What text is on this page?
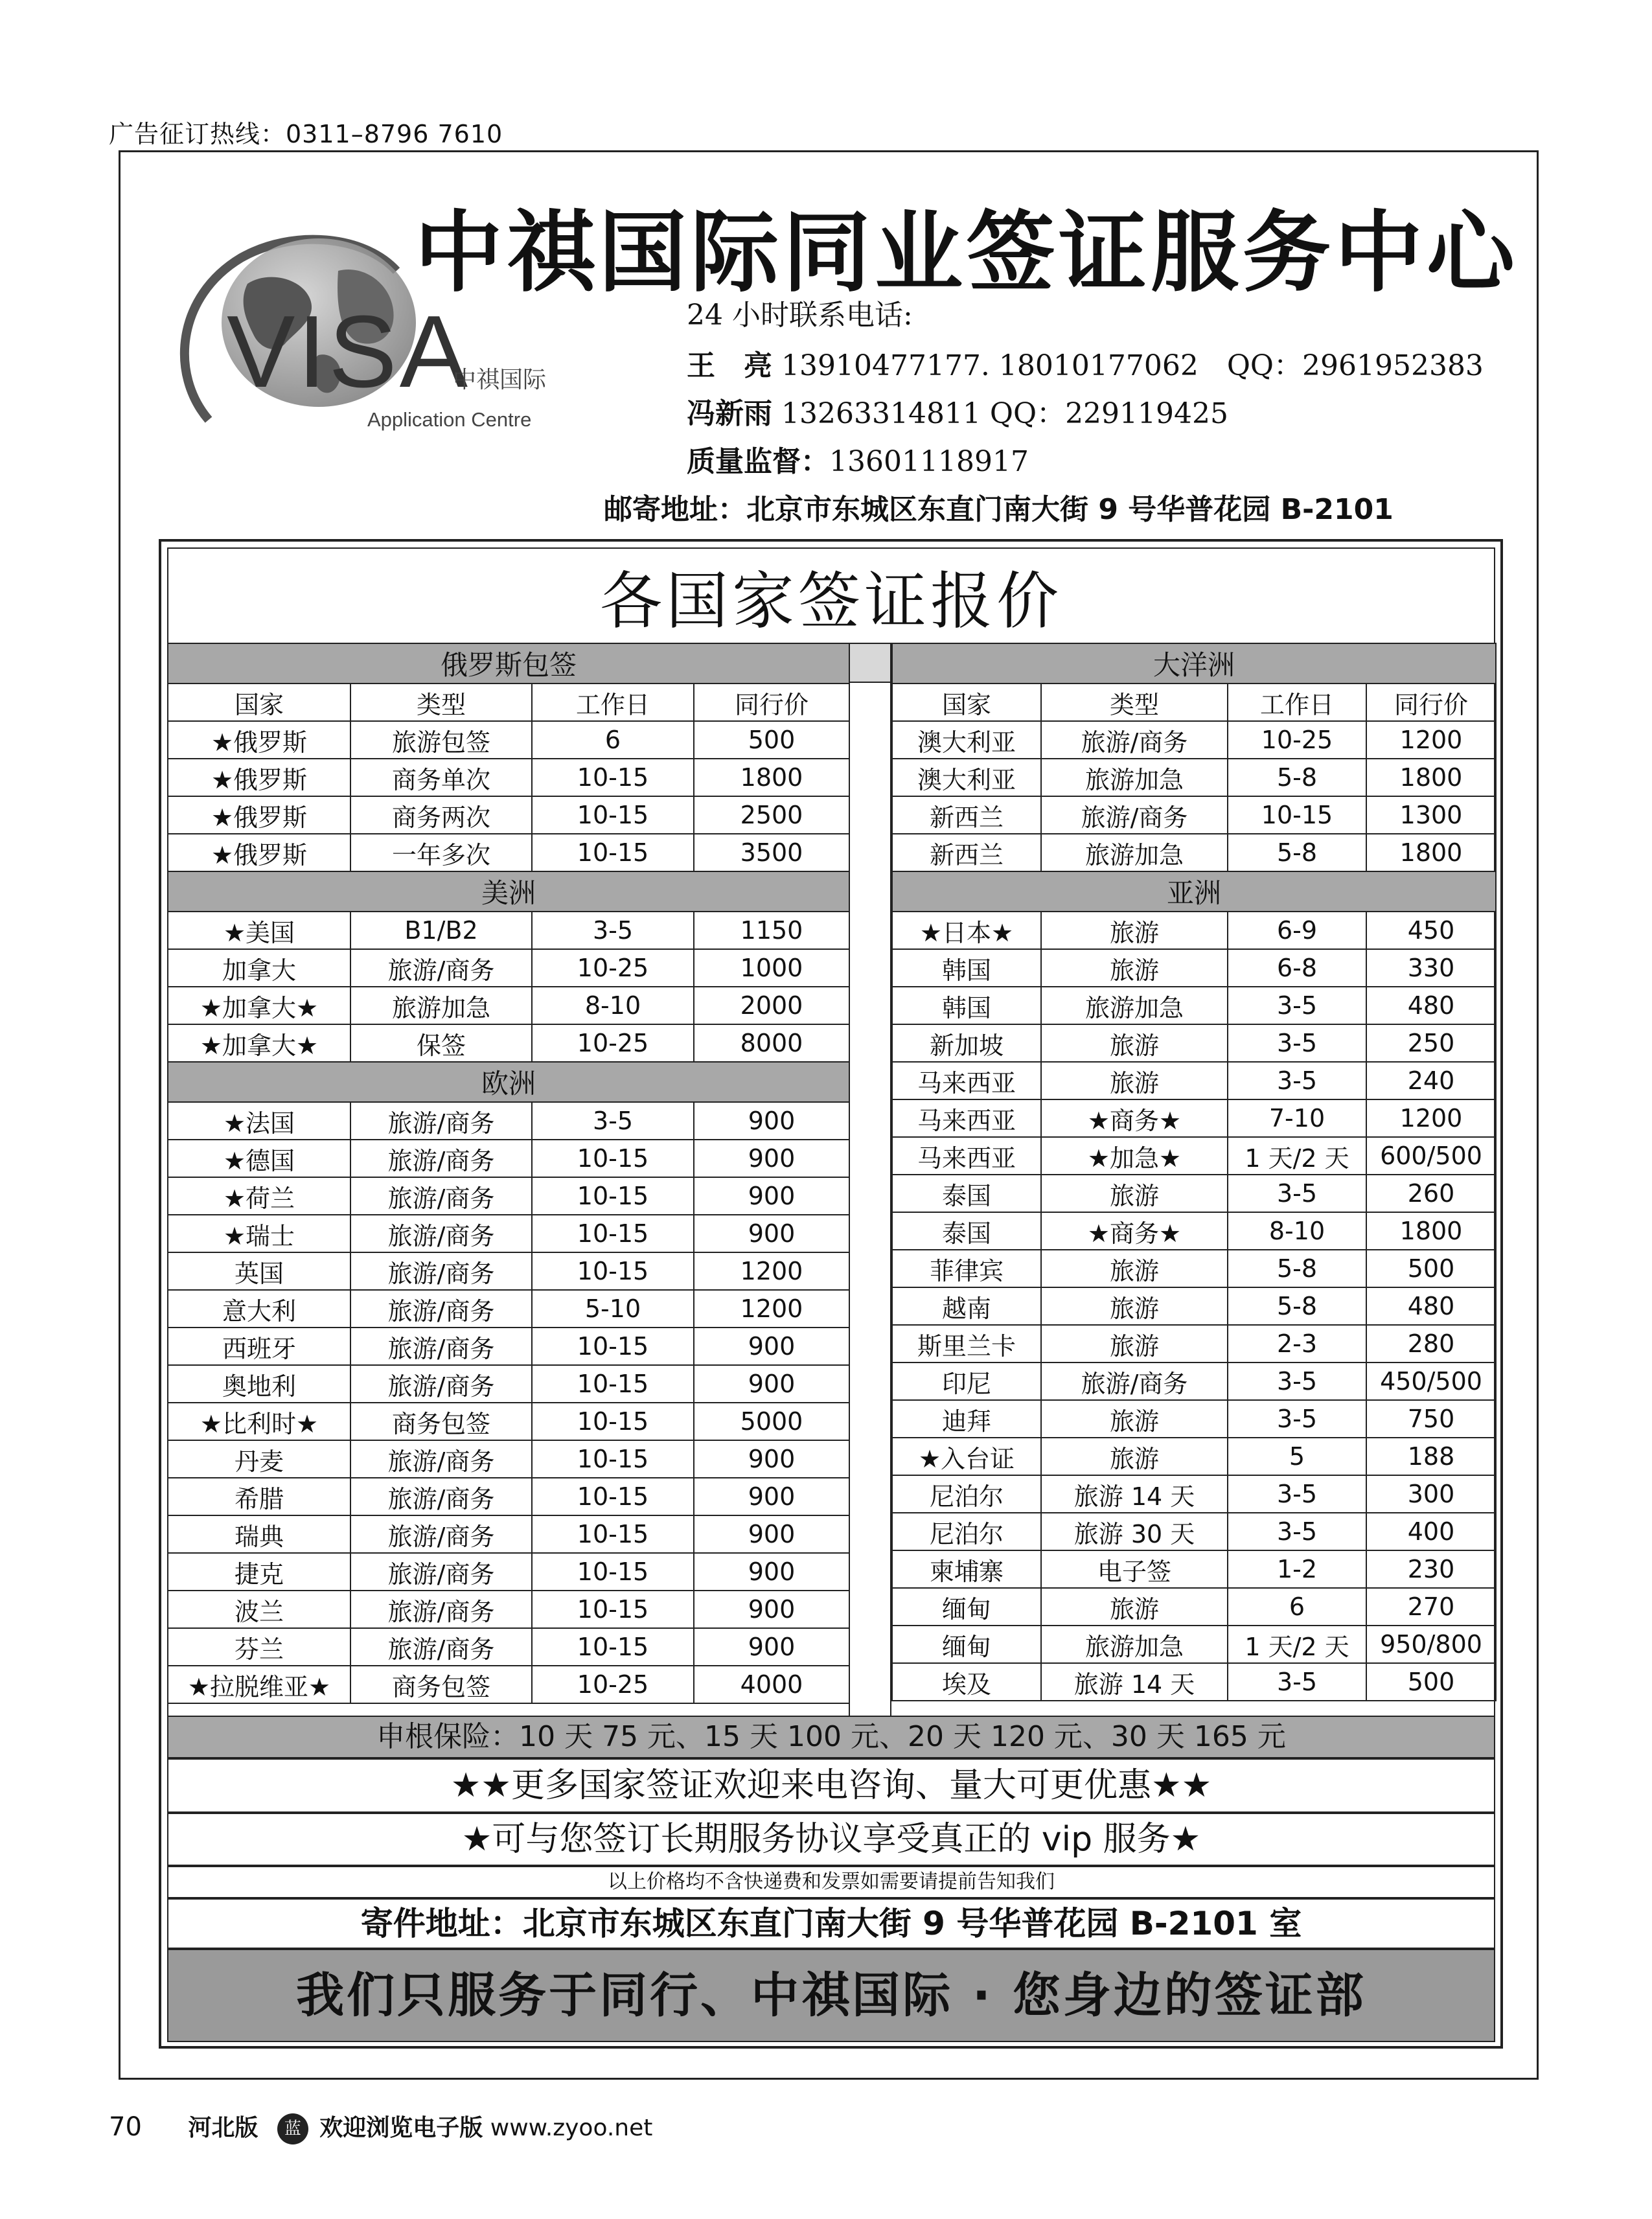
广告征订热线：0311–8796 7610
中祺国际同业签证服务中心
VISA
中祺国际
Application Centre
24 小时联系电话:
王　亮 13910477177. 18010177062　QQ：2961952383
冯新雨 13263314811 QQ：229119425
质量监督：13601118917
邮寄地址：北京市东城区东直门南大街 9 号华普花园 B-2101
各国家签证报价
俄罗斯包签			
国家	类型	工作日	同行价
★俄罗斯	旅游包签	6	500
★俄罗斯	商务单次	10-15	1800
★俄罗斯	商务两次	10-15	2500
★俄罗斯	一年多次	10-15	3500
美洲			
★美国	B1/B2	3-5	1150
加拿大	旅游/商务	10-25	1000
★加拿大★	旅游加急	8-10	2000
★加拿大★	保签	10-25	8000
欧洲			
★法国	旅游/商务	3-5	900
★德国	旅游/商务	10-15	900
★荷兰	旅游/商务	10-15	900
★瑞士	旅游/商务	10-15	900
英国	旅游/商务	10-15	1200
意大利	旅游/商务	5-10	1200
西班牙	旅游/商务	10-15	900
奥地利	旅游/商务	10-15	900
★比利时★	商务包签	10-15	5000
丹麦	旅游/商务	10-15	900
希腊	旅游/商务	10-15	900
瑞典	旅游/商务	10-15	900
捷克	旅游/商务	10-15	900
波兰	旅游/商务	10-15	900
芬兰	旅游/商务	10-15	900
★拉脱维亚★	商务包签	10-25	4000
大洋洲			
国家	类型	工作日	同行价
澳大利亚	旅游/商务	10-25	1200
澳大利亚	旅游加急	5-8	1800
新西兰	旅游/商务	10-15	1300
新西兰	旅游加急	5-8	1800
亚洲			
★日本★	旅游	6-9	450
韩国	旅游	6-8	330
韩国	旅游加急	3-5	480
新加坡	旅游	3-5	250
马来西亚	旅游	3-5	240
马来西亚	★商务★	7-10	1200
马来西亚	★加急★	1 天/2 天	600/500
泰国	旅游	3-5	260
泰国	★商务★	8-10	1800
菲律宾	旅游	5-8	500
越南	旅游	5-8	480
斯里兰卡	旅游	2-3	280
印尼	旅游/商务	3-5	450/500
迪拜	旅游	3-5	750
★入台证	旅游	5	188
尼泊尔	旅游 14 天	3-5	300
尼泊尔	旅游 30 天	3-5	400
柬埔寨	电子签	1-2	230
缅甸	旅游	6	270
缅甸	旅游加急	1 天/2 天	950/800
埃及	旅游 14 天	3-5	500
申根保险：10 天 75 元、15 天 100 元、20 天 120 元、30 天 165 元
★★更多国家签证欢迎来电咨询、量大可更优惠★★
★可与您签订长期服务协议享受真正的 vip 服务★
以上价格均不含快递费和发票如需要请提前告知我们
寄件地址：北京市东城区东直门南大街 9 号华普花园 B-2101 室
我们只服务于同行、中祺国际 · 您身边的签证部
70 河北版 蓝 欢迎浏览电子版 www.zyoo.net
